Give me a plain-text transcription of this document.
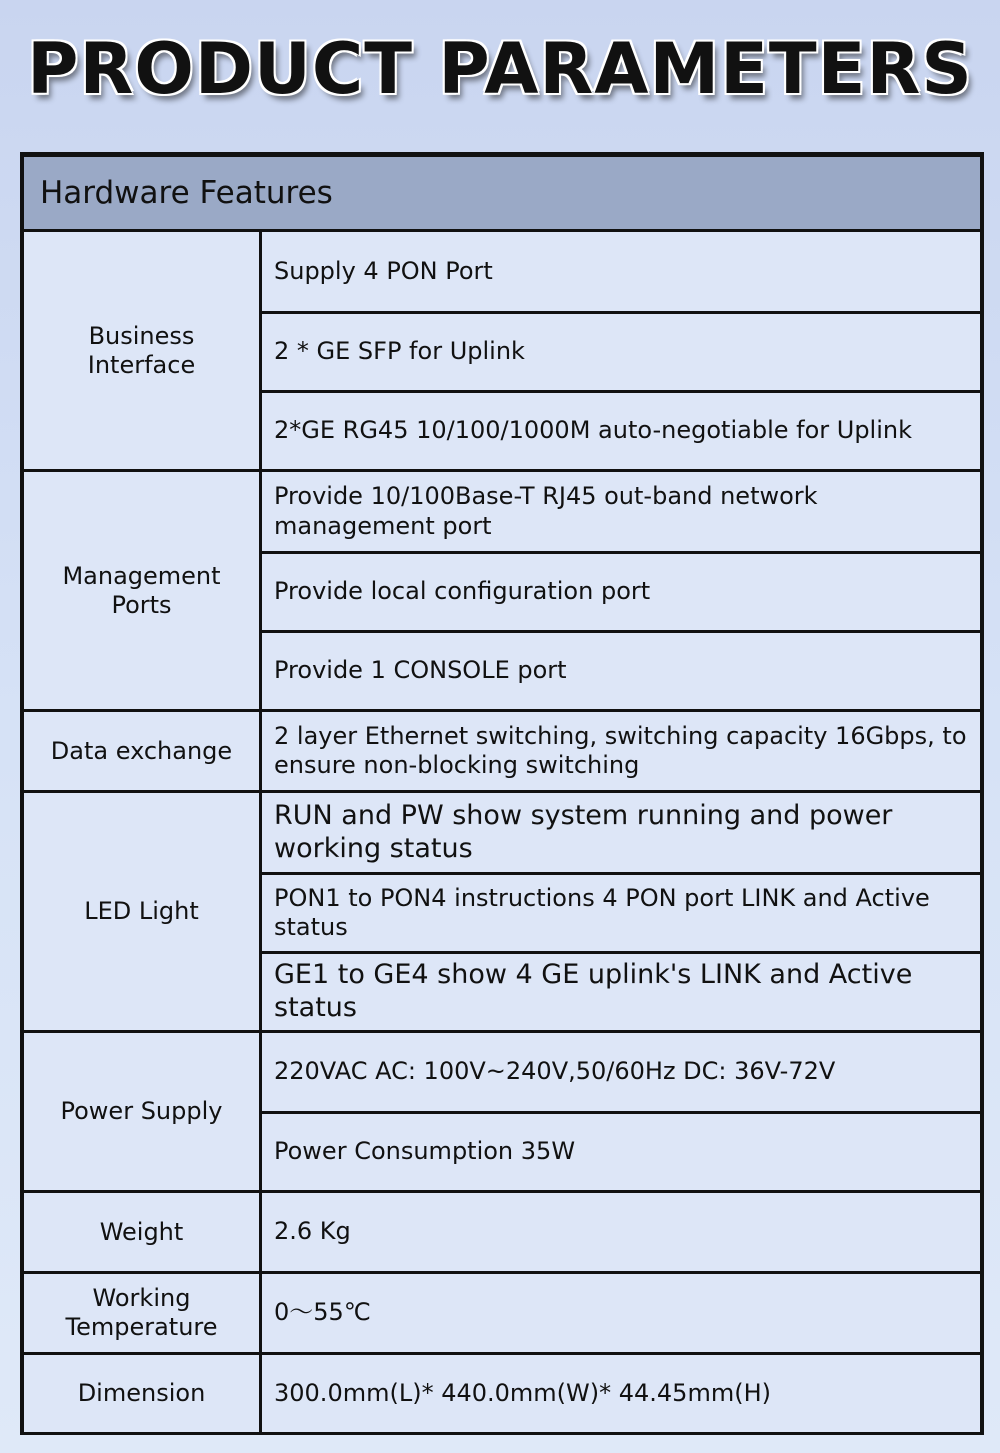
PRODUCT PARAMETERS
Hardware Features
Business Interface
Supply 4 PON Port
2 * GE SFP for Uplink
2*GE RG45 10/100/1000M auto-negotiable for Uplink
Management Ports
Provide 10/100Base-T RJ45 out-band network management port
Provide local configuration port
Provide 1 CONSOLE port
Data exchange
2 layer Ethernet switching, switching capacity 16Gbps, to ensure non-blocking switching
LED Light
RUN and PW show system running and power working status
PON1 to PON4 instructions 4 PON port LINK and Active status
GE1 to GE4 show 4 GE uplink's LINK and Active status
Power Supply
220VAC AC: 100V~240V,50/60Hz DC: 36V-72V
Power Consumption 35W
Weight	2.6 Kg
Working Temperature
0～55℃
Dimension	300.0mm(L)* 440.0mm(W)* 44.45mm(H)
